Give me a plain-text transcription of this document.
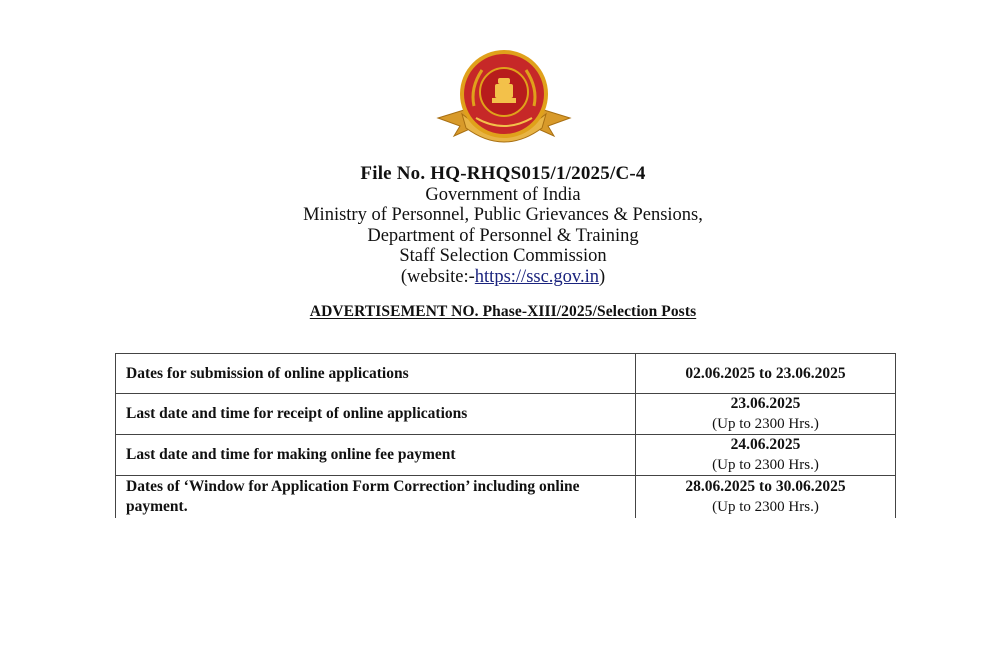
File No. HQ-RHQS015/1/2025/C-4
Government of India
Ministry of Personnel, Public Grievances & Pensions,
Department of Personnel & Training
Staff Selection Commission
(website:-https://ssc.gov.in)
ADVERTISEMENT NO. Phase-XIII/2025/Selection Posts
Dates for submission of online applications	02.06.2025 to 23.06.2025

Last date and time for receipt of online applications	23.06.2025
(Up to 2300 Hrs.)

Last date and time for making online fee payment	24.06.2025
(Up to 2300 Hrs.)

Dates of ‘Window for Application Form Correction’ including online payment.	28.06.2025 to 30.06.2025
(Up to 2300 Hrs.)
